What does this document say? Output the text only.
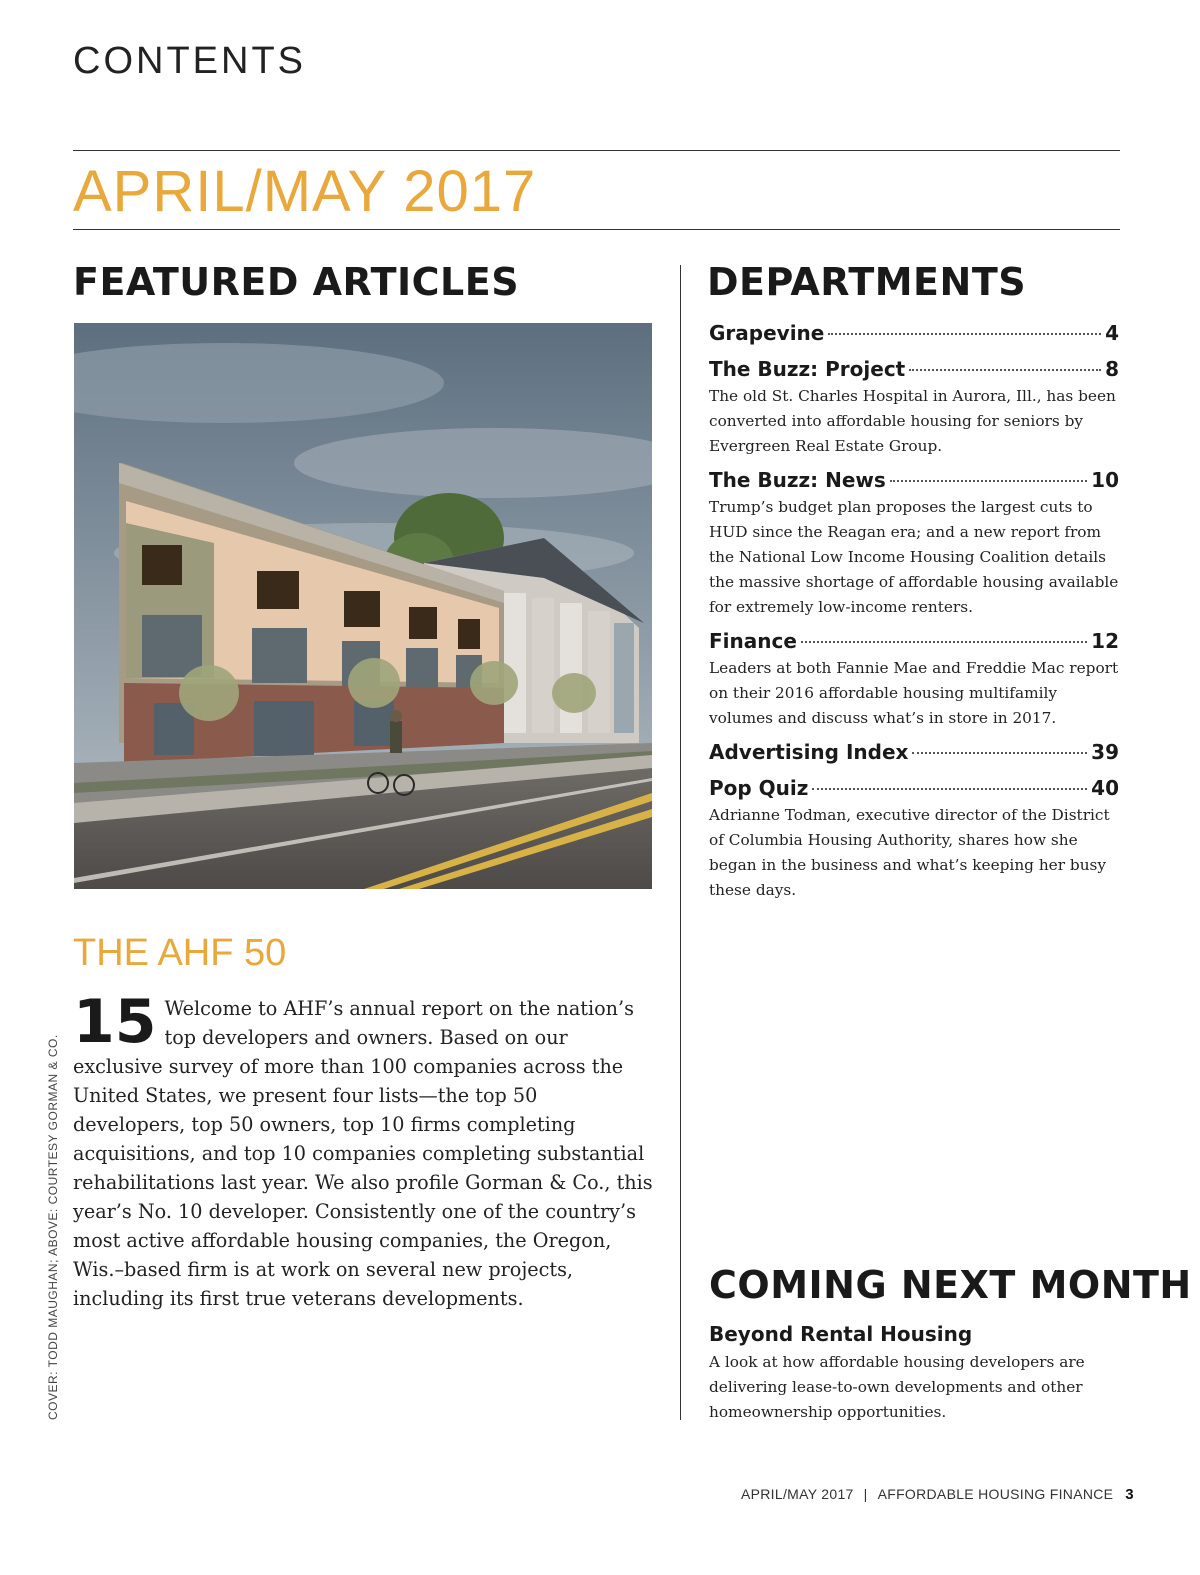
CONTENTS
APRIL/MAY 2017
FEATURED ARTICLES	DEPARTMENTS
THE AHF 50
15 Welcome to AHF’s annual report on the nation’s top developers and owners. Based on our exclusive survey of more than 100 companies across the United States, we present four lists—the top 50 developers, top 50 owners, top 10 firms completing acquisitions, and top 10 companies completing substantial rehabilitations last year. We also profile Gorman & Co., this year’s No. 10 developer. Consistently one of the country’s most active affordable housing companies, the Oregon, Wis.–based firm is at work on several new projects, including its first true veterans developments.
COVER: TODD MAUGHAN; ABOVE: COURTESY GORMAN & CO.
Grapevine	4
The Buzz: Project	8
The old St. Charles Hospital in Aurora, Ill., has been converted into affordable housing for seniors by Evergreen Real Estate Group.
The Buzz: News	10
Trump’s budget plan proposes the largest cuts to HUD since the Reagan era; and a new report from the National Low Income Housing Coalition details the massive shortage of affordable housing available for extremely low-income renters.
Finance	12
Leaders at both Fannie Mae and Freddie Mac report on their 2016 affordable housing multifamily volumes and discuss what’s in store in 2017.
Advertising Index	39
Pop Quiz	40
Adrianne Todman, executive director of the District of Columbia Housing Authority, shares how she began in the business and what’s keeping her busy these days.
COMING NEXT MONTH
Beyond Rental Housing
A look at how affordable housing developers are delivering lease-to-own developments and other homeownership opportunities.
APRIL/MAY 2017 | AFFORDABLE HOUSING FINANCE 3
